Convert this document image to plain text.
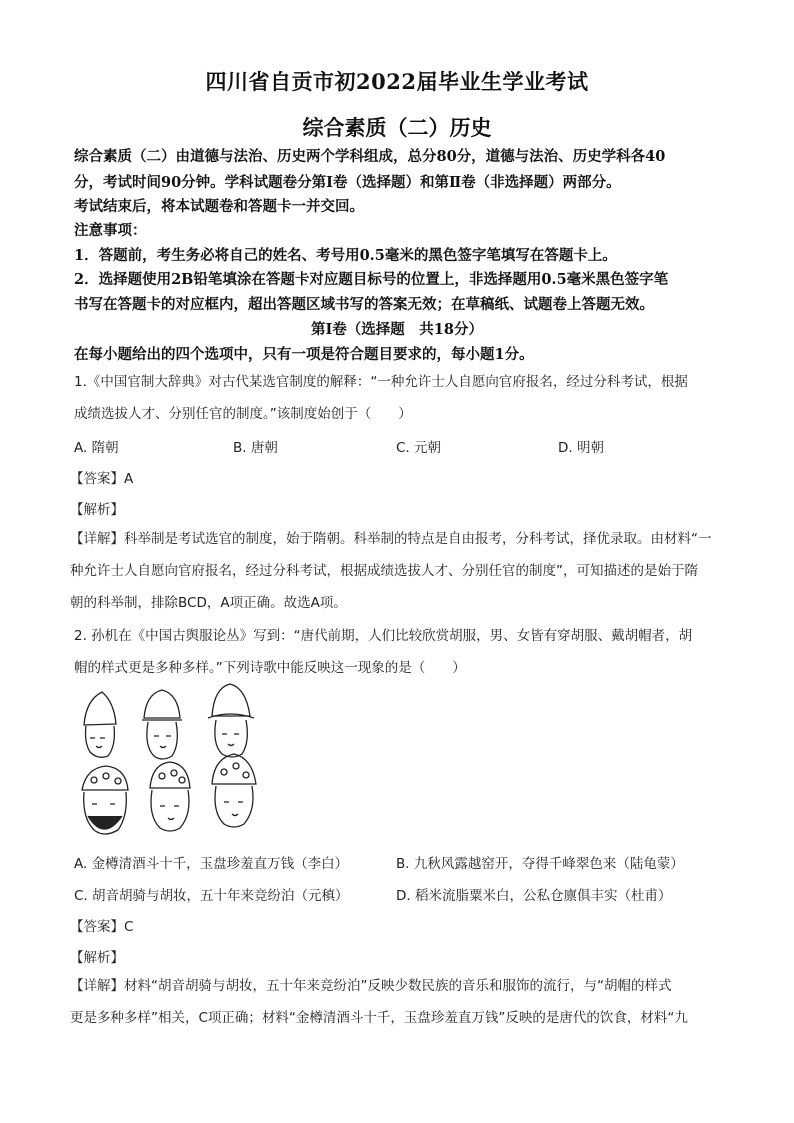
四川省自贡市初2022届毕业生学业考试
综合素质（二）历史
综合素质（二）由道德与法治、历史两个学科组成，总分80分，道德与法治、历史学科各40
分，考试时间90分钟。学科试题卷分第Ⅰ卷（选择题）和第Ⅱ卷（非选择题）两部分。
考试结束后，将本试题卷和答题卡一并交回。
注意事项：
1．答题前，考生务必将自己的姓名、考号用0.5毫米的黑色签字笔填写在答题卡上。
2．选择题使用2B铅笔填涂在答题卡对应题目标号的位置上，非选择题用0.5毫米黑色签字笔
书写在答题卡的对应框内，超出答题区域书写的答案无效；在草稿纸、试题卷上答题无效。
第Ⅰ卷（选择题　共18分）
在每小题给出的四个选项中，只有一项是符合题目要求的，每小题1分。
1.《中国官制大辞典》对古代某选官制度的解释：“一种允许士人自愿向官府报名，经过分科考试，根据
成绩选拔人才、分别任官的制度。”该制度始创于（　　）
A. 隋朝	B. 唐朝	C. 元朝	D. 明朝
【答案】A
【解析】
【详解】科举制是考试选官的制度，始于隋朝。科举制的特点是自由报考，分科考试，择优录取。由材料“一
种允许士人自愿向官府报名，经过分科考试，根据成绩选拔人才、分别任官的制度”，可知描述的是始于隋
朝的科举制，排除BCD，A项正确。故选A项。
2. 孙机在《中国古舆服论丛》写到：“唐代前期，人们比较欣赏胡服，男、女皆有穿胡服、戴胡帽者，胡
帽的样式更是多种多样。”下列诗歌中能反映这一现象的是（　　）
A. 金樽清酒斗十千，玉盘珍羞直万钱（李白）	B. 九秋风露越窑开，夺得千峰翠色来（陆龟蒙）
C. 胡音胡骑与胡妆，五十年来竞纷泊（元稹）	D. 稻米流脂粟米白，公私仓廪俱丰实（杜甫）
【答案】C
【解析】
【详解】材料“胡音胡骑与胡妆，五十年来竞纷泊”反映少数民族的音乐和服饰的流行，与“胡帽的样式
更是多种多样”相关，C项正确；材料“金樽清酒斗十千，玉盘珍羞直万钱”反映的是唐代的饮食，材料“九
